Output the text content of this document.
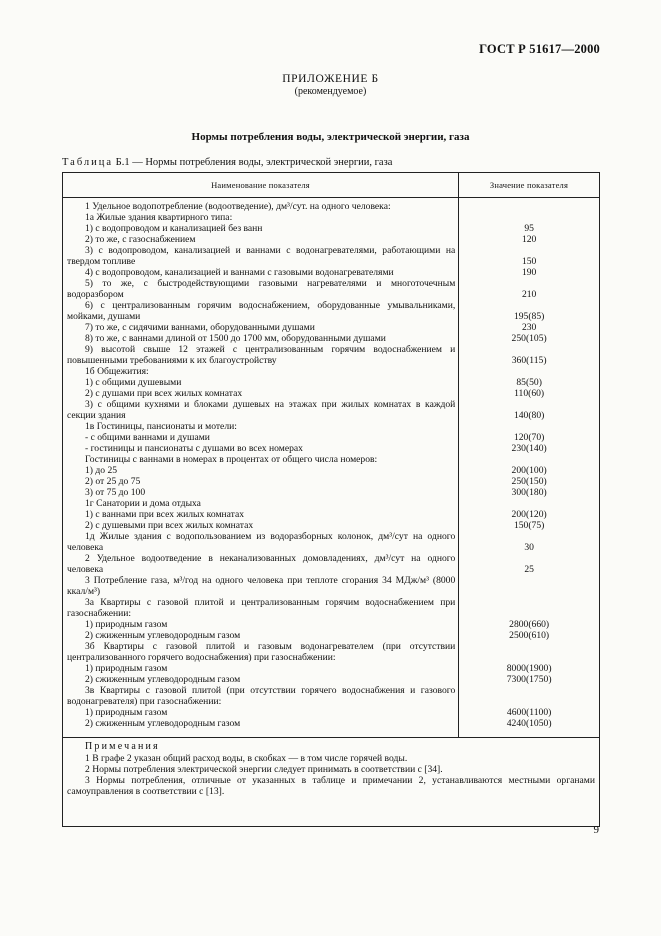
ГОСТ Р 51617—2000
ПРИЛОЖЕНИЕ Б
(рекомендуемое)
Нормы потребления воды, электрической энергии, газа
Таблица Б.1 — Нормы потребления воды, электрической энергии, газа
Наименование показателя	Значение показателя
1 Удельное водопотребление (водоотведение), дм³/сут. на одного человека:
1а Жилые здания квартирного типа:
1) с водопроводом и канализацией без ванн	95
2) то же, с газоснабжением	120
3) с водопроводом, канализацией и ваннами с водонагревателями, работающими на твердом топливе	150
4) с водопроводом, канализацией и ваннами с газовыми водонагревателями	190
5) то же, с быстродействующими газовыми нагревателями и многоточечным водоразбором	210
6) с централизованным горячим водоснабжением, оборудованные умывальниками, мойками, душами	195(85)
7) то же, с сидячими ваннами, оборудованными душами	230
8) то же, с ваннами длиной от 1500 до 1700 мм, оборудованными душами	250(105)
9) высотой свыше 12 этажей с централизованным горячим водоснабжением и повышенными требованиями к их благоустройству	360(115)
1б Общежития:
1) с общими душевыми	85(50)
2) с душами при всех жилых комнатах	110(60)
3) с общими кухнями и блоками душевых на этажах при жилых комнатах в каждой секции здания	140(80)
1в Гостиницы, пансионаты и мотели:
- с общими ваннами и душами	120(70)
- гостиницы и пансионаты с душами во всех номерах	230(140)
Гостиницы с ваннами в номерах в процентах от общего числа номеров:
1) до 25	200(100)
2) от 25 до 75	250(150)
3) от 75 до 100	300(180)
1г Санатории и дома отдыха
1) с ваннами при всех жилых комнатах	200(120)
2) с душевыми при всех жилых комнатах	150(75)
1д Жилые здания с водопользованием из водоразборных колонок, дм³/сут на одного человека	30
2 Удельное водоотведение в неканализованных домовладениях, дм³/сут на одного человека	25
3 Потребление газа, м³/год на одного человека при теплоте сгорания 34 МДж/м³ (8000 ккал/м³)
3а Квартиры с газовой плитой и централизованным горячим водоснабжением при газоснабжении:
1) природным газом	2800(660)
2) сжиженным углеводородным газом	2500(610)
3б Квартиры с газовой плитой и газовым водонагревателем (при отсутствии централизованного горячего водоснабжения) при газоснабжении:
1) природным газом	8000(1900)
2) сжиженным углеводородным газом	7300(1750)
3в Квартиры с газовой плитой (при отсутствии горячего водоснабжения и газового водонагревателя) при газоснабжении:
1) природным газом	4600(1100)
2) сжиженным углеводородным газом	4240(1050)
Примечания
1 В графе 2 указан общий расход воды, в скобках — в том числе горячей воды.
2 Нормы потребления электрической энергии следует принимать в соответствии с [34].
3 Нормы потребления, отличные от указанных в таблице и примечании 2, устанавливаются местными органами самоуправления в соответствии с [13].
9
